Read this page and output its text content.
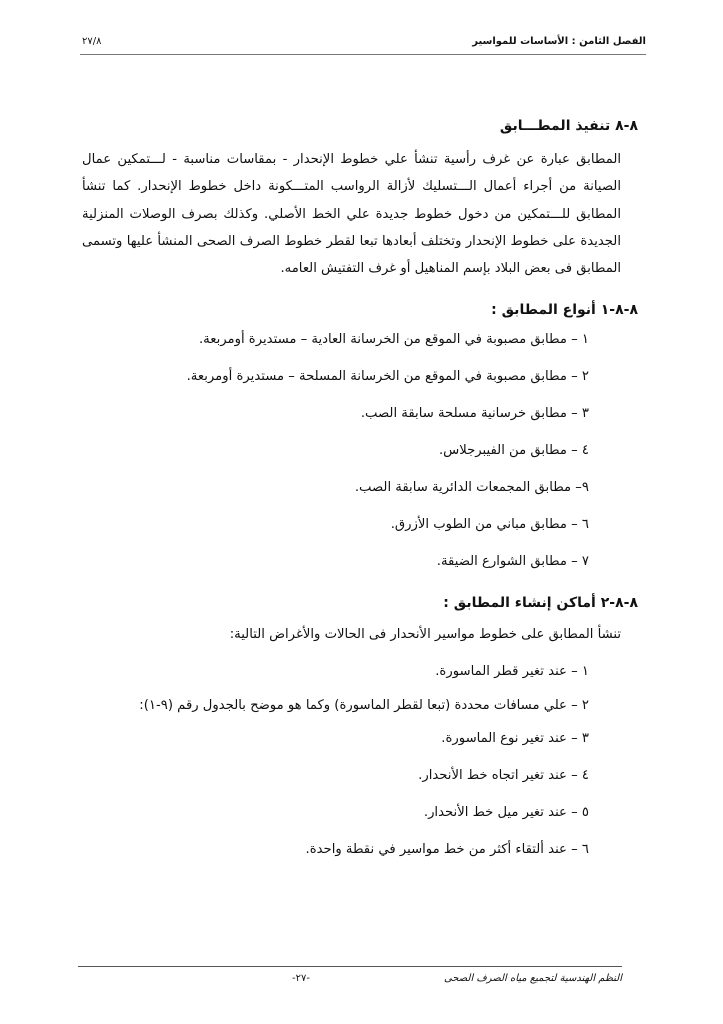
الفصل الثامن : الأساسات للمواسير
٢٧/٨
٨-٨ تنفيذ المطـــابق

المطابق عبارة عن غرف رأسية تنشأ علي خطوط الإنحدار - بمقاسات مناسبة - لـــتمكين عمال الصيانة من أجراء أعمال الـــتسليك لأزالة الرواسب المتـــكونة داخل خطوط الإنحدار. كما تنشأ المطابق للـــتمكين من دخول خطوط جديدة علي الخط الأصلي. وكذلك بصرف الوصلات المنزلية الجديدة على خطوط الإنحدار وتختلف أبعادها تبعا لقطر خطوط الصرف الصحى المنشأ عليها وتسمى المطابق فى بعض البلاد بإسم المناهيل أو غرف التفتيش العامه.

٨-٨-١ أنواع المطابق :

١ – مطابق مصبوبة في الموقع من الخرسانة العادية – مستديرة أومربعة.

٢ – مطابق مصبوبة في الموقع من الخرسانة المسلحة – مستديرة أومربعة.

٣ – مطابق خرسانية مسلحة سابقة الصب.

٤ – مطابق من الفيبرجلاس.

٩– مطابق المجمعات الدائرية سابقة الصب.

٦ – مطابق مباني من الطوب الأزرق.

٧ – مطابق الشوارع الضيقة.

٨-٨-٢ أماكن إنشاء المطابق :

تنشأ المطابق على خطوط مواسير الأنحدار فى الحالات والأغراض التالية:

١ – عند تغير قطر الماسورة.

٢ – علي مسافات محددة (تبعا لقطر الماسورة) وكما هو موضح بالجدول رقم (٩-١):

٣ – عند تغير نوع الماسورة.

٤ – عند تغير اتجاه خط الأنحدار.

٥ – عند تغير ميل خط الأنحدار.

٦ – عند ألتقاء أكثر من خط مواسير في نقطة واحدة.

النظم الهندسية لتجميع مياه الصرف الصحى
-٢٧-
